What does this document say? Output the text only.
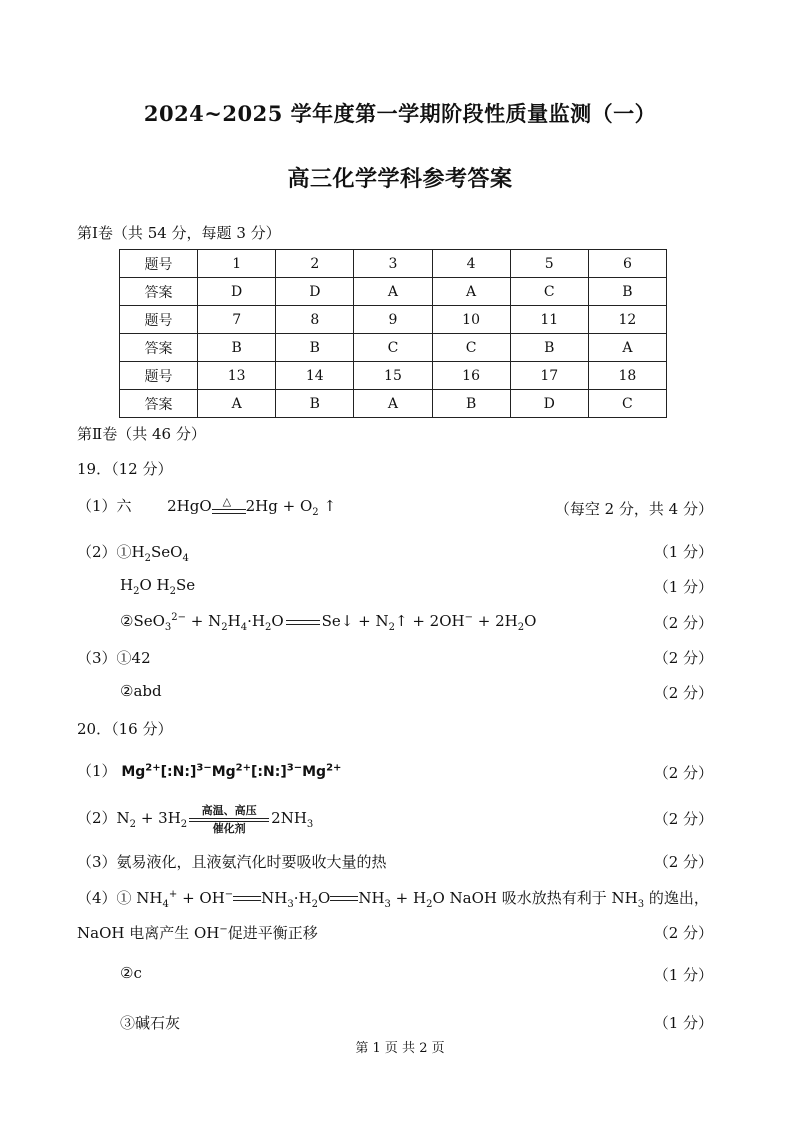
2024~2025 学年度第一学期阶段性质量监测（一）
高三化学学科参考答案
第Ⅰ卷（共 54 分，每题 3 分）
题号	1	2	3	4	5	6
答案	D	D	A	A	C	B
题号	7	8	9	10	11	12
答案	B	B	C	C	B	A
题号	13	14	15	16	17	18
答案	A	B	A	B	D	C
第Ⅱ卷（共 46 分）
19．（12 分）
（1）六 2HgO △ $2Hg + O_2$ ↑	（每空 2 分，共 4 分）
$(2)①H_2SeO_4$	（1 分）
$H_2O$ $H_2Se$	（1 分）
②SeO$_3^{2-}$ + $N_2H_4\cdot H_2O$	Se↓ + $N_2↑ + 2OH^- + 2H_2O$	（2 分）
（3）①42	（2 分）
②abd	（2 分）
20．（16 分）
（1） $Mg^{2+}[:N:]^{3-}Mg^{2+}[:N:]^{3-}Mg^{2+}$	（2 分）
$(2)N_2 + 3H_2$
高温、高压
催化剂
$2NH_3$	（2 分）
（3）氨易液化，且液氨汽化时要吸收大量的热	（2 分）
（4）① $NH_4^+ + OH^-$ $NH_3\cdot H_2O$ $NH_3 + H_2O$ NaOH 吸水放热有利于 $NH_3$ 的逸出，
NaOH 电离产生 OH−促进平衡正移	（2 分）
②c	（1 分）
③碱石灰	（1 分）
第 1 页 共 2 页
